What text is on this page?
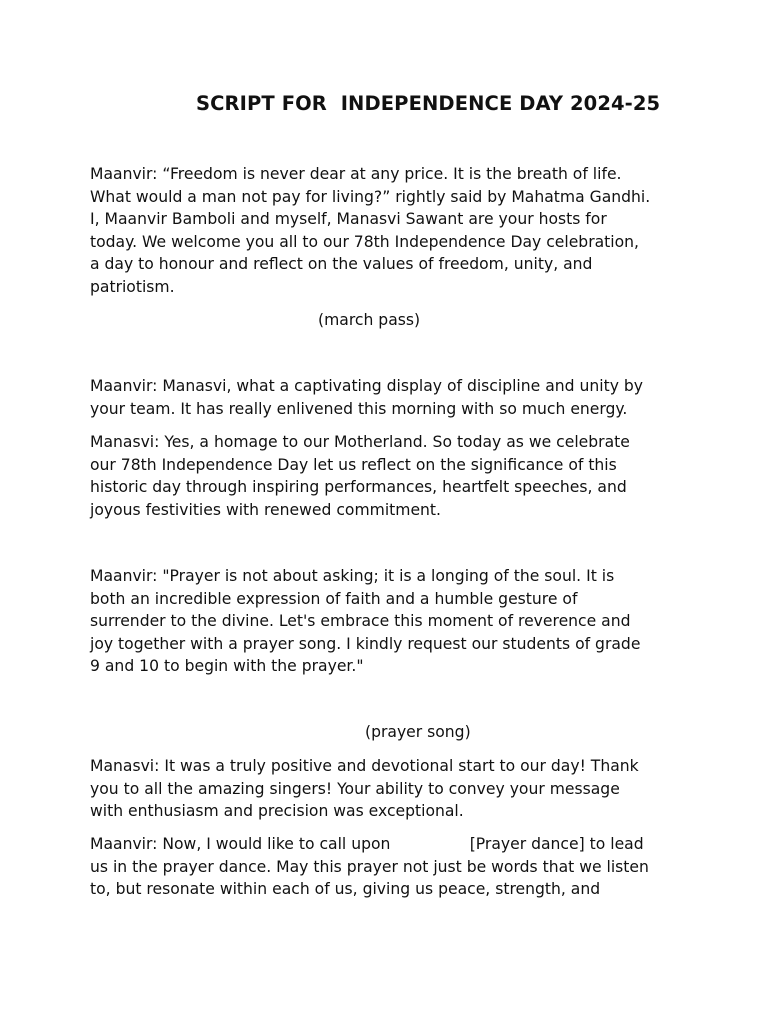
SCRIPT FOR  INDEPENDENCE DAY 2024-25
Maanvir: “Freedom is never dear at any price. It is the breath of life.
What would a man not pay for living?” rightly said by Mahatma Gandhi.
I, Maanvir Bamboli and myself, Manasvi Sawant are your hosts for
today. We welcome you all to our 78th Independence Day celebration,
a day to honour and reflect on the values of freedom, unity, and
patriotism.
(march pass)
Maanvir: Manasvi, what a captivating display of discipline and unity by
your team. It has really enlivened this morning with so much energy.
Manasvi: Yes, a homage to our Motherland. So today as we celebrate
our 78th Independence Day let us reflect on the significance of this
historic day through inspiring performances, heartfelt speeches, and
joyous festivities with renewed commitment.
Maanvir: "Prayer is not about asking; it is a longing of the soul. It is
both an incredible expression of faith and a humble gesture of
surrender to the divine. Let's embrace this moment of reverence and
joy together with a prayer song. I kindly request our students of grade
9 and 10 to begin with the prayer."
(prayer song)
Manasvi: It was a truly positive and devotional start to our day! Thank
you to all the amazing singers! Your ability to convey your message
with enthusiasm and precision was exceptional.
Maanvir: Now, I would like to call upon                [Prayer dance] to lead
us in the prayer dance. May this prayer not just be words that we listen
to, but resonate within each of us, giving us peace, strength, and
